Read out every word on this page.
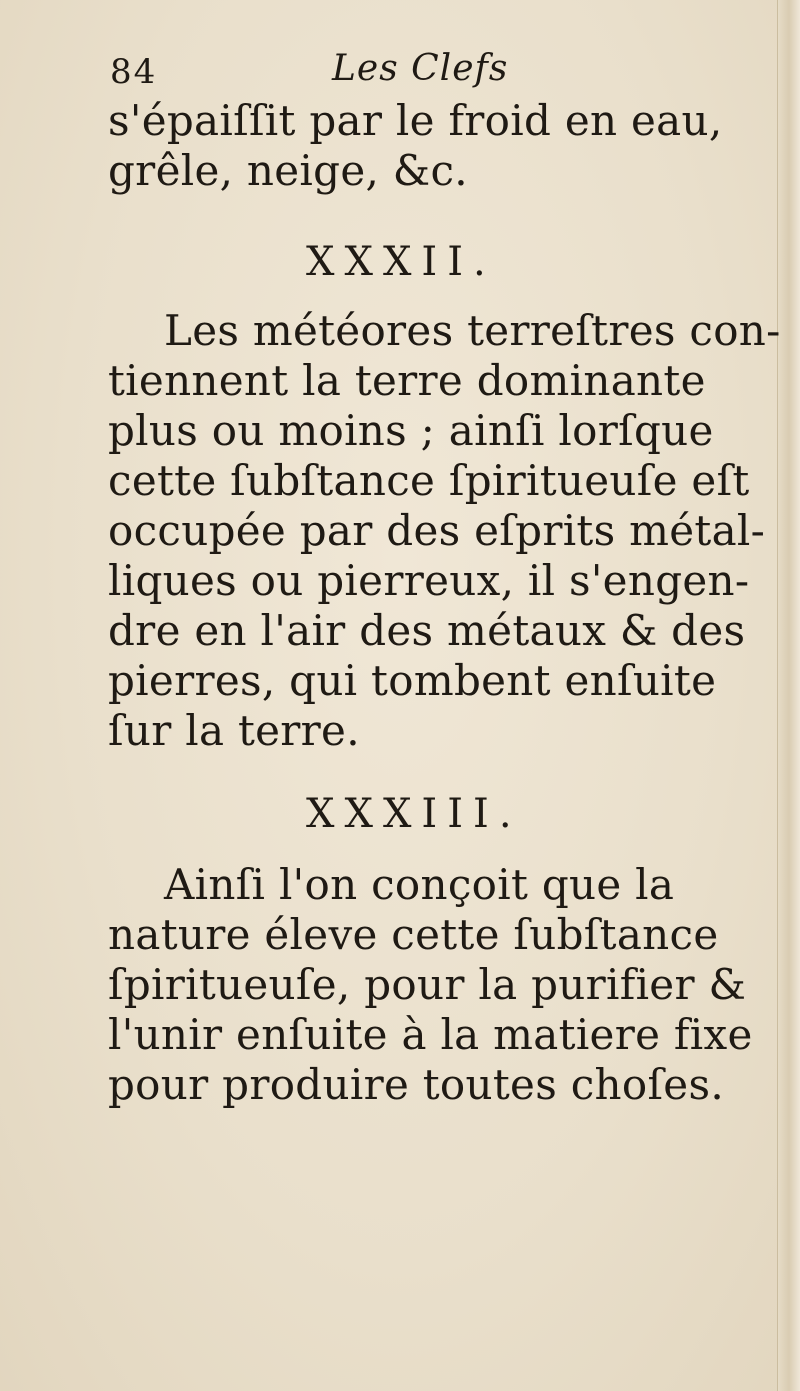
84	Les Clefs
s'épaiſſit par le froid en eau,
grêle, neige, &c.
XXXII.
Les météores terreſtres con-
tiennent la terre dominante
plus ou moins ; ainſi lorſque
cette ſubſtance ſpiritueuſe eſt
occupée par des eſprits métal-
liques ou pierreux, il s'engen-
dre en l'air des métaux & des
pierres, qui tombent enſuite
ſur la terre.
XXXIII.
Ainſi l'on conçoit que la
nature éleve cette ſubſtance
ſpiritueuſe, pour la purifier &
l'unir enſuite à la matiere fixe
pour produire toutes choſes.
